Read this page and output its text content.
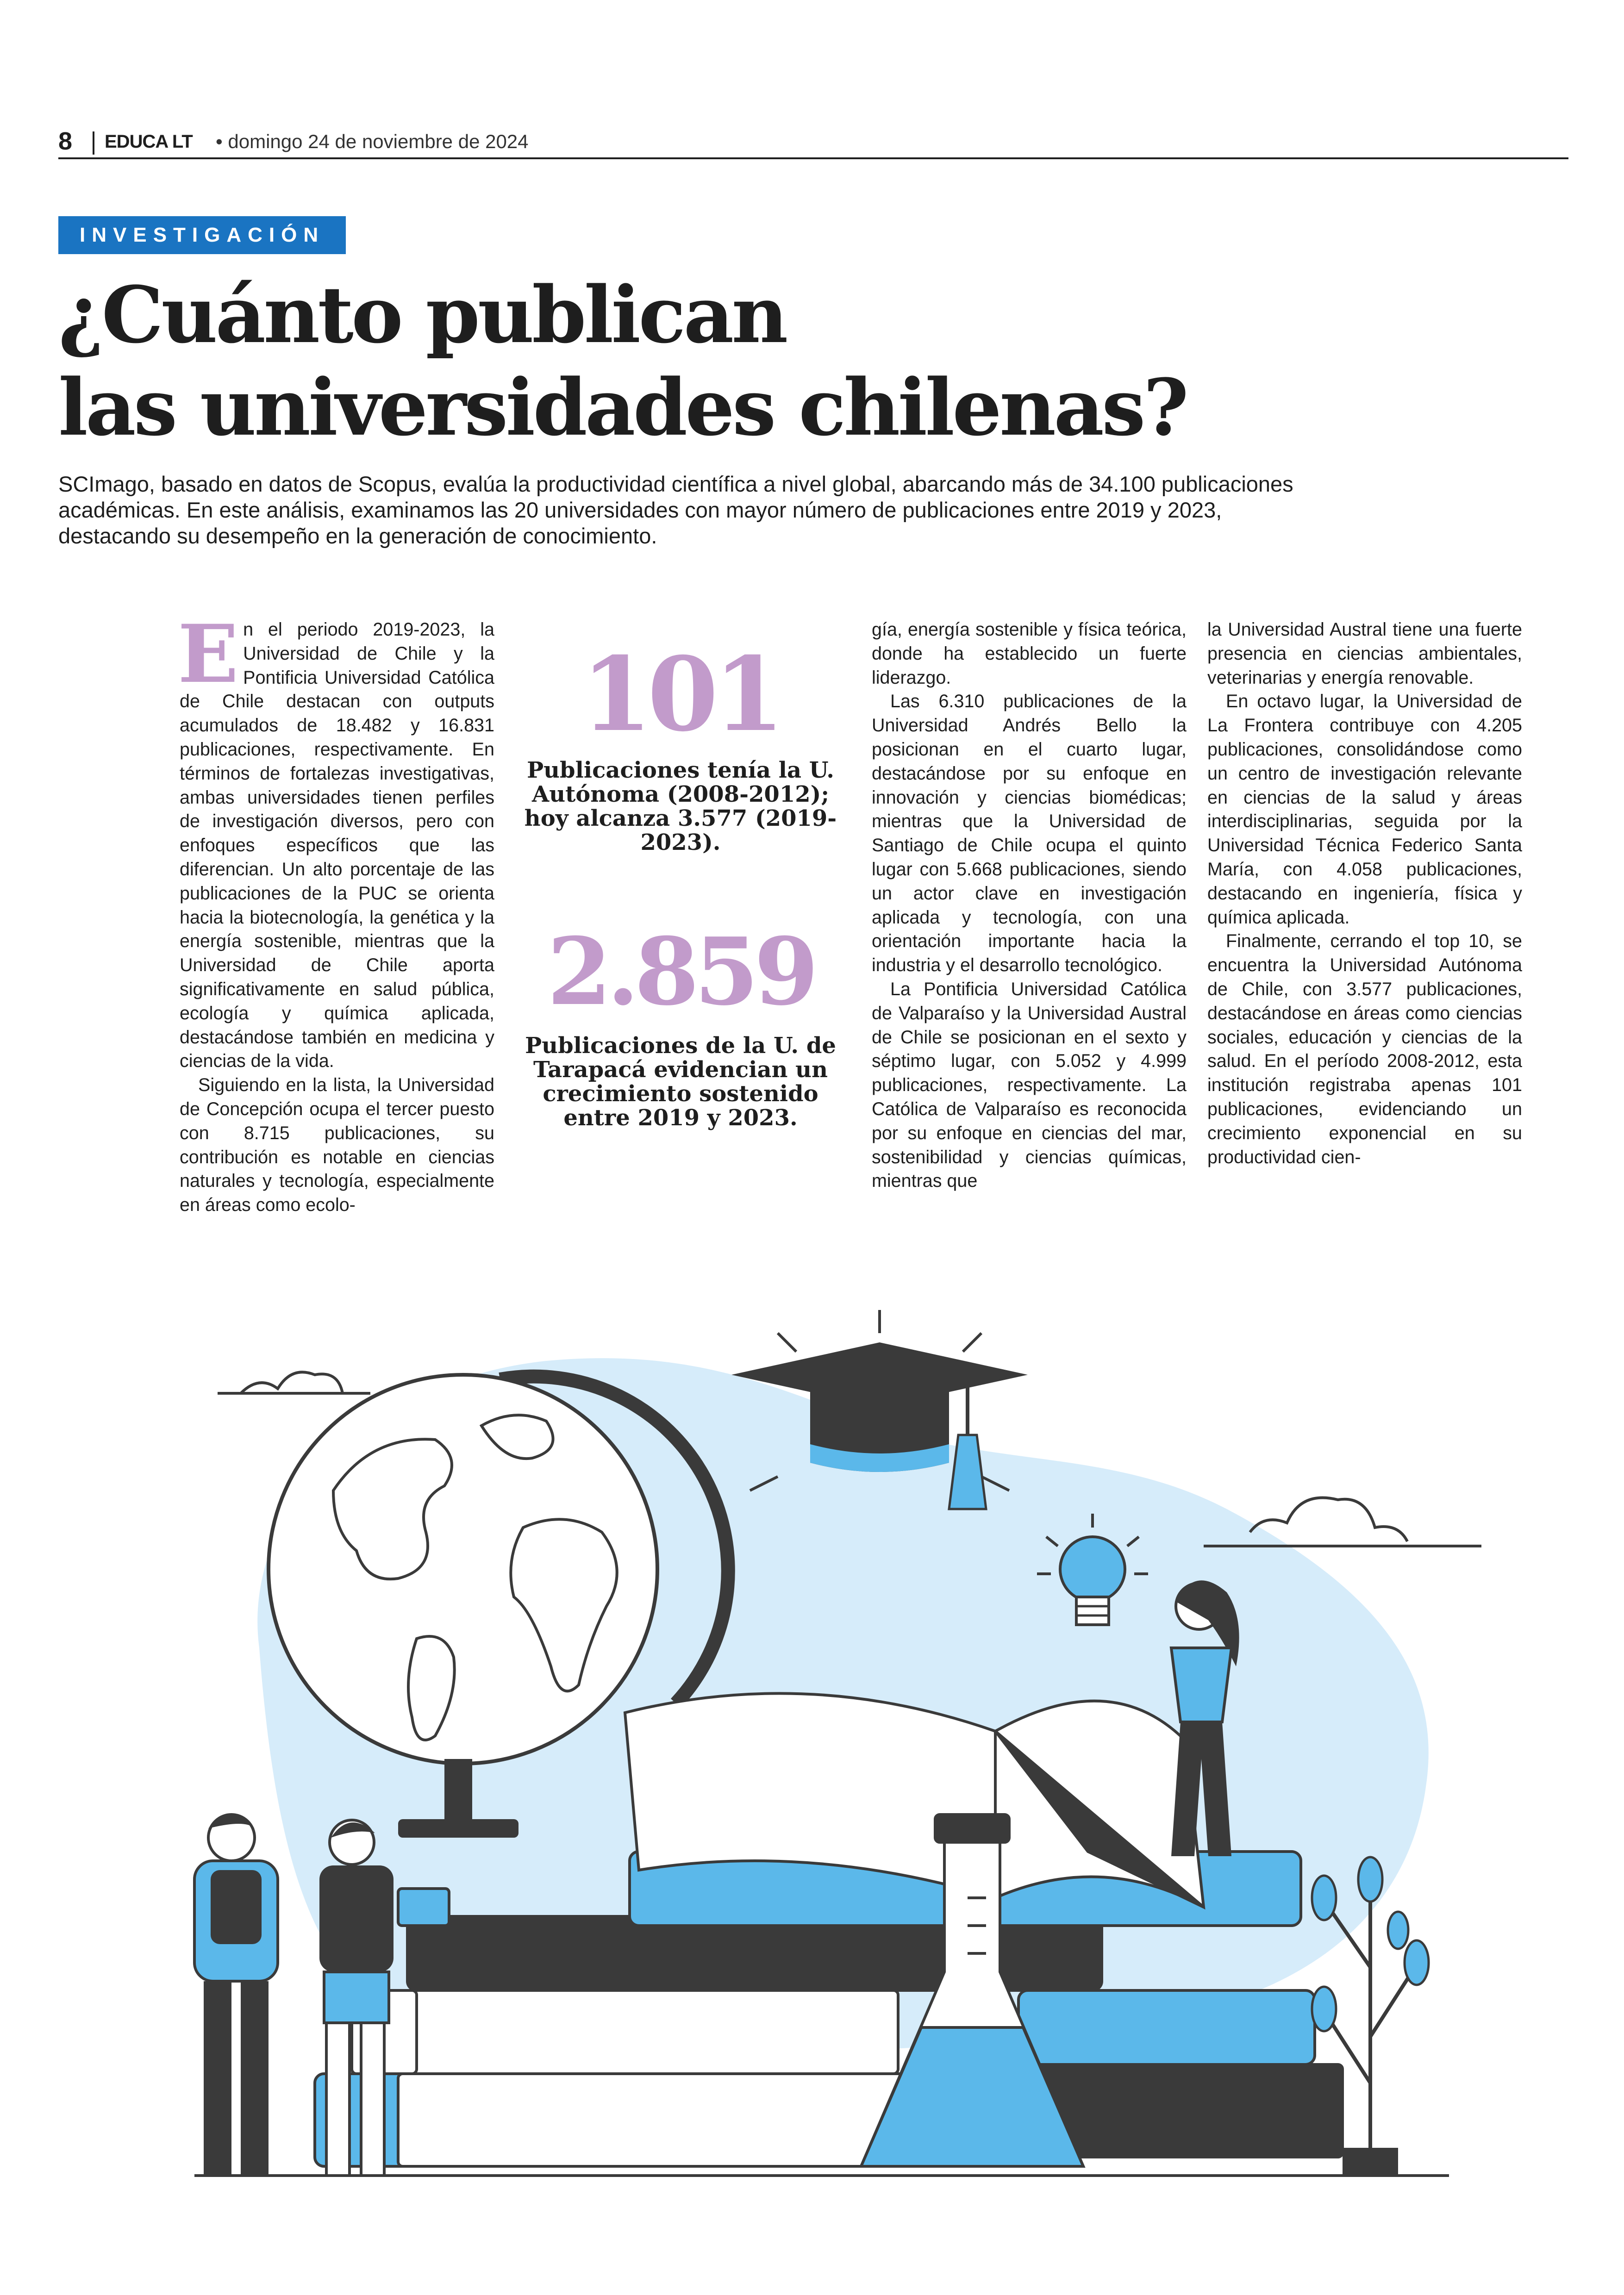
8 EDUCA LT • domingo 24 de noviembre de 2024
INVESTIGACIÓN
¿Cuánto publican
las universidades chilenas?

SCImago, basado en datos de Scopus, evalúa la productividad científica a nivel global, abarcando más de 34.100 publicaciones
académicas. En este análisis, examinamos las 20 universidades con mayor número de publicaciones entre 2019 y 2023,
destacando su desempeño en la generación de conocimiento.

En el periodo 2019-2023, la Universidad de Chile y la Pontificia Universidad Católica de Chile destacan con outputs acumulados de 18.482 y 16.831 publicaciones, respectivamente. En términos de fortalezas investigativas, ambas universidades tienen perfiles de investigación diversos, pero con enfoques específicos que las diferencian. Un alto porcentaje de las publicaciones de la PUC se orienta hacia la biotecnología, la genética y la energía sostenible, mientras que la Universidad de Chile aporta significativamente en salud pública, ecología y química aplicada, destacándose también en medicina y ciencias de la vida.

Siguiendo en la lista, la Universidad de Concepción ocupa el tercer puesto con 8.715 publicaciones, su contribución es notable en ciencias naturales y tecnología, especialmente en áreas como ecolo-

101
Publicaciones tenía la U. Autónoma (2008-2012); hoy alcanza 3.577 (2019-2023).
2.859
Publicaciones de la U. de Tarapacá evidencian un crecimiento sostenido entre 2019 y 2023.

gía, energía sostenible y física teórica, donde ha establecido un fuerte liderazgo.

Las 6.310 publicaciones de la Universidad Andrés Bello la posicionan en el cuarto lugar, destacándose por su enfoque en innovación y ciencias biomédicas; mientras que la Universidad de Santiago de Chile ocupa el quinto lugar con 5.668 publicaciones, siendo un actor clave en investigación aplicada y tecnología, con una orientación importante hacia la industria y el desarrollo tecnológico.

La Pontificia Universidad Católica de Valparaíso y la Universidad Austral de Chile se posicionan en el sexto y séptimo lugar, con 5.052 y 4.999 publicaciones, respectivamente. La Católica de Valparaíso es reconocida por su enfoque en ciencias del mar, sostenibilidad y ciencias químicas, mientras que

la Universidad Austral tiene una fuerte presencia en ciencias ambientales, veterinarias y energía renovable.

En octavo lugar, la Universidad de La Frontera contribuye con 4.205 publicaciones, consolidándose como un centro de investigación relevante en ciencias de la salud y áreas interdisciplinarias, seguida por la Universidad Técnica Federico Santa María, con 4.058 publicaciones, destacando en ingeniería, física y química aplicada.

Finalmente, cerrando el top 10, se encuentra la Universidad Autónoma de Chile, con 3.577 publicaciones, destacándose en áreas como ciencias sociales, educación y ciencias de la salud. En el período 2008-2012, esta institución registraba apenas 101 publicaciones, evidenciando un crecimiento exponencial en su productividad cien-
